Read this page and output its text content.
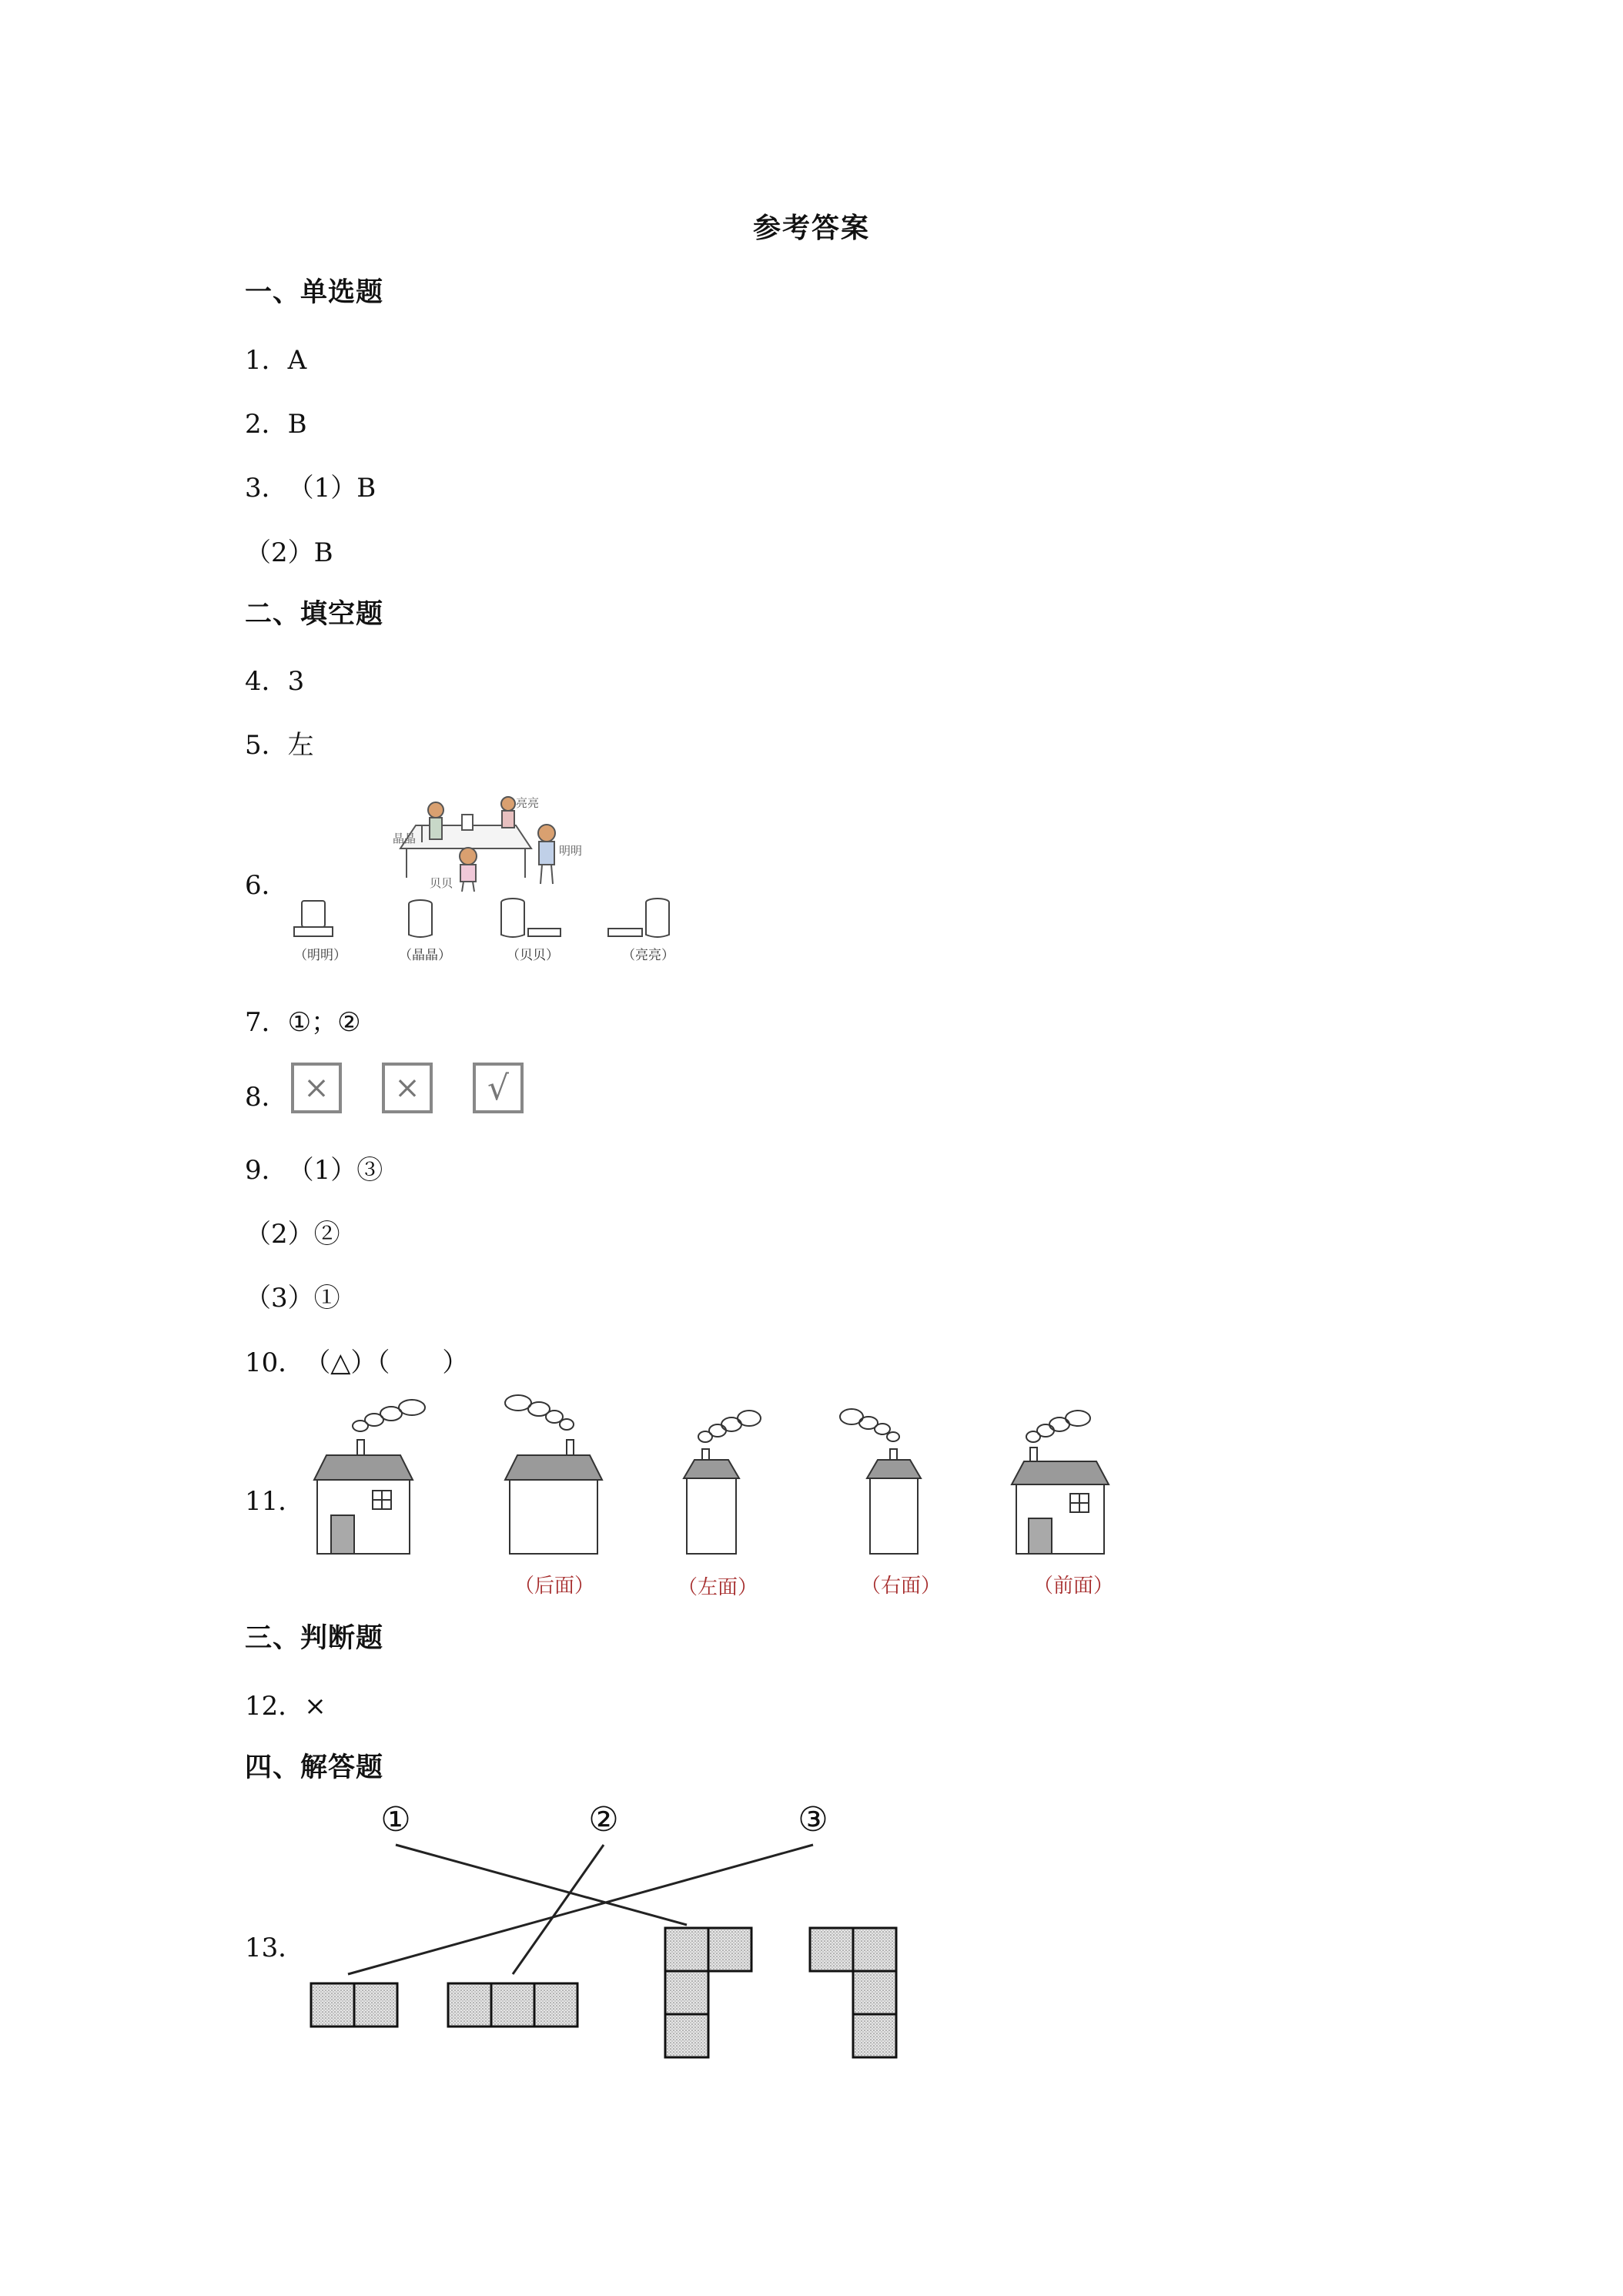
参考答案
一、单选题
1．A
2．B
3．（1）B
（2）B
二、填空题
4．3
5．左
6．
晶晶
亮亮
明明
贝贝
（明明）	（晶晶）	（贝贝）	（亮亮）
7．①；②
8． × × √
9．（1）③
（2）②
（3）①
10．（△）（　　）
11．
（后面）	（左面）	（右面）	（前面）
三、判断题
12．×
四、解答题
13．
①	②	③
